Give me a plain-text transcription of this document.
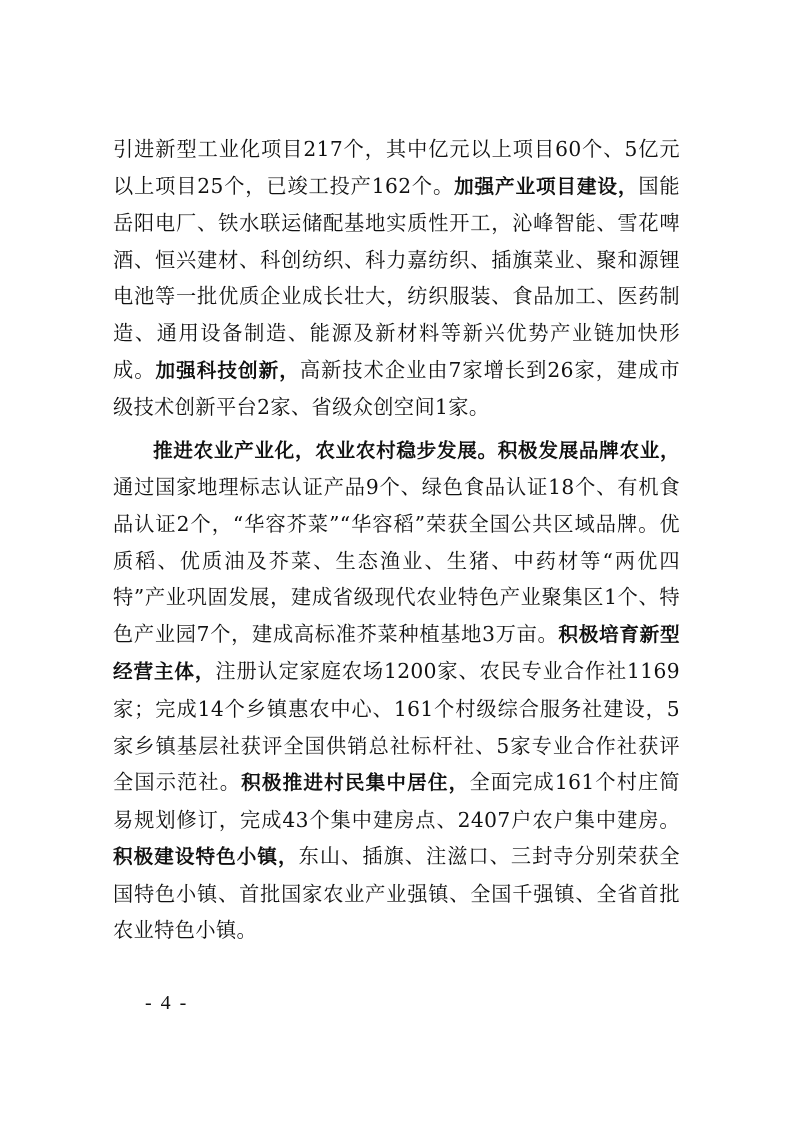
引进新型工业化项目217个，其中亿元以上项目60个、5亿元以上项目25个，已竣工投产162个。加强产业项目建设，国能岳阳电厂、铁水联运储配基地实质性开工，沁峰智能、雪花啤酒、恒兴建材、科创纺织、科力嘉纺织、插旗菜业、聚和源锂电池等一批优质企业成长壮大，纺织服装、食品加工、医药制造、通用设备制造、能源及新材料等新兴优势产业链加快形成。加强科技创新，高新技术企业由7家增长到26家，建成市级技术创新平台2家、省级众创空间1家。

推进农业产业化，农业农村稳步发展。积极发展品牌农业，通过国家地理标志认证产品9个、绿色食品认证18个、有机食品认证2个，“华容芥菜”“华容稻”荣获全国公共区域品牌。优质稻、优质油及芥菜、生态渔业、生猪、中药材等“两优四特”产业巩固发展，建成省级现代农业特色产业聚集区1个、特色产业园7个，建成高标准芥菜种植基地3万亩。积极培育新型经营主体，注册认定家庭农场1200家、农民专业合作社1169家；完成14个乡镇惠农中心、161个村级综合服务社建设，5家乡镇基层社获评全国供销总社标杆社、5家专业合作社获评全国示范社。积极推进村民集中居住，全面完成161个村庄简易规划修订，完成43个集中建房点、2407户农户集中建房。积极建设特色小镇，东山、插旗、注滋口、三封寺分别荣获全国特色小镇、首批国家农业产业强镇、全国千强镇、全省首批农业特色小镇。

- 4 -
